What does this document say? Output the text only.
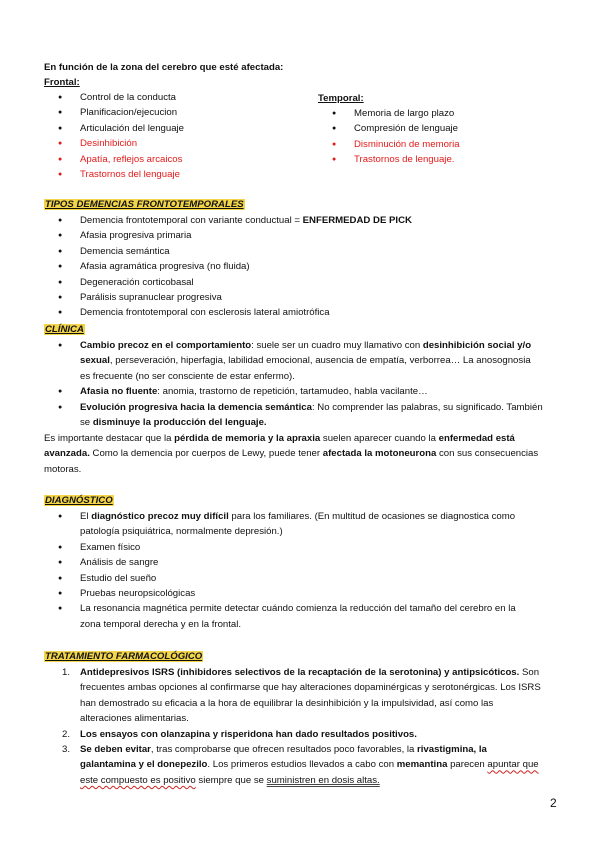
En función de la zona del cerebro que esté afectada:
Frontal:
● Control de la conducta
● Planificacion/ejecucion
● Articulación del lenguaje
● Desinhibición
● Apatía, reflejos arcaicos
● Trastornos del lenguaje
Temporal:
● Memoria de largo plazo
● Compresión de lenguaje
● Disminución de memoria
● Trastornos de lenguaje.
TIPOS DEMENCIAS FRONTOTEMPORALES
● Demencia frontotemporal con variante conductual = ENFERMEDAD DE PICK
● Afasia progresiva primaria
● Demencia semántica
● Afasia agramática progresiva (no fluida)
● Degeneración corticobasal
● Parálisis supranuclear progresiva
● Demencia frontotemporal con esclerosis lateral amiotrófica
CLÍNICA
● Cambio precoz en el comportamiento: suele ser un cuadro muy llamativo con desinhibición social y/o
sexual, perseveración, hiperfagia, labilidad emocional, ausencia de empatía, verborrea… La anosognosia
es frecuente (no ser consciente de estar enfermo).
● Afasia no fluente: anomia, trastorno de repetición, tartamudeo, habla vacilante…
● Evolución progresiva hacia la demencia semántica: No comprender las palabras, su significado. También
se disminuye la producción del lenguaje.
Es importante destacar que la pérdida de memoria y la apraxia suelen aparecer cuando la enfermedad está
avanzada. Como la demencia por cuerpos de Lewy, puede tener afectada la motoneurona con sus consecuencias
motoras.
DIAGNÓSTICO
● El diagnóstico precoz muy difícil para los familiares. (En multitud de ocasiones se diagnostica como
patología psiquiátrica, normalmente depresión.)
● Examen físico
● Análisis de sangre
● Estudio del sueño
● Pruebas neuropsicológicas
● La resonancia magnética permite detectar cuándo comienza la reducción del tamaño del cerebro en la
zona temporal derecha y en la frontal.
TRATAMIENTO FARMACOLÓGICO
1. Antidepresivos ISRS (inhibidores selectivos de la recaptación de la serotonina) y antipsicóticos. Son
frecuentes ambas opciones al confirmarse que hay alteraciones dopaminérgicas y serotonérgicas. Los ISRS
han demostrado su eficacia a la hora de equilibrar la desinhibición y la impulsividad, así como las
alteraciones alimentarias.
2. Los ensayos con olanzapina y risperidona han dado resultados positivos.
3. Se deben evitar, tras comprobarse que ofrecen resultados poco favorables, la rivastigmina, la
galantamina y el donepezilo. Los primeros estudios llevados a cabo con memantina parecen apuntar que
este compuesto es positivo siempre que se suministren en dosis altas.
2
